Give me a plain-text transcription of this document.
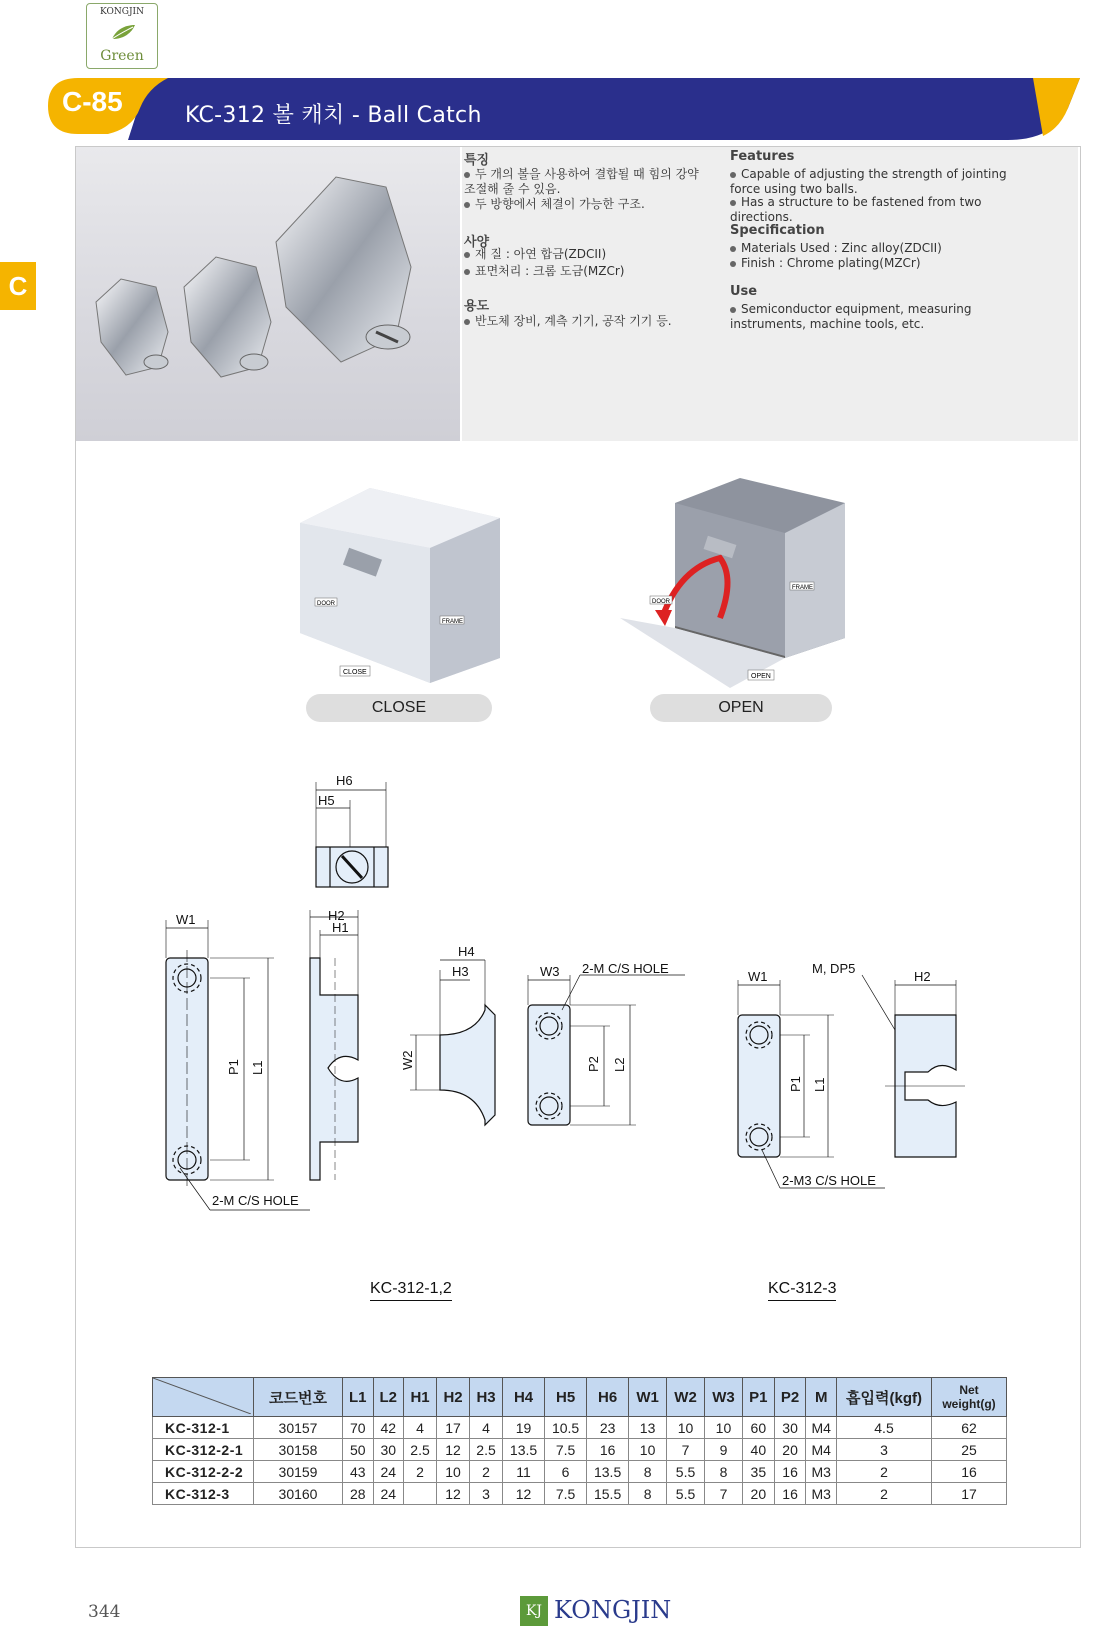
KONGJIN
Green
C-85	KC-312 볼 캐치 - Ball Catch
C
특징
두 개의 볼을 사용하여 결합될 때 힘의 강약 조절해 줄 수 있음.
두 방향에서 체결이 가능한 구조.
사양
재 질 : 아연 합금(ZDCII)
표면처리 : 크롬 도금(MZCr)
용도
반도체 장비, 계측 기기, 공작 기기 등.
Features
Capable of adjusting the strength of jointing force using two balls.
Has a structure to be fastened from two directions.
Specification
Materials Used : Zinc alloy(ZDCII)
Finish : Chrome plating(MZCr)
Use
Semiconductor equipment, measuring instruments, machine tools, etc.
DOOR
FRAME
CLOSE
DOOR
FRAME
OPEN
CLOSE	OPEN
H6
H5
W1	H2
H1
P1 L1
2-M C/S HOLE
H4
H3
W2
W3 2-M C/S HOLE
P2 L2
W1
M, DP5
H2
P1 L1
2-M3 C/S HOLE
KC-312-1,2	KC-312-3
	코드번호	L1	L2	H1	H2	H3	H4	H5	H6	W1	W2	W3	P1	P2	M	흡입력(kgf)	Net weight(g)
KC-312-1	30157	70	42	4	17	4	19	10.5	23	13	10	10	60	30	M4	4.5	62
KC-312-2-1	30158	50	30	2.5	12	2.5	13.5	7.5	16	10	7	9	40	20	M4	3	25
KC-312-2-2	30159	43	24	2	10	2	11	6	13.5	8	5.5	8	35	16	M3	2	16
KC-312-3	30160	28	24		12	3	12	7.5	15.5	8	5.5	7	20	16	M3	2	17
344	KJ KONGJIN
